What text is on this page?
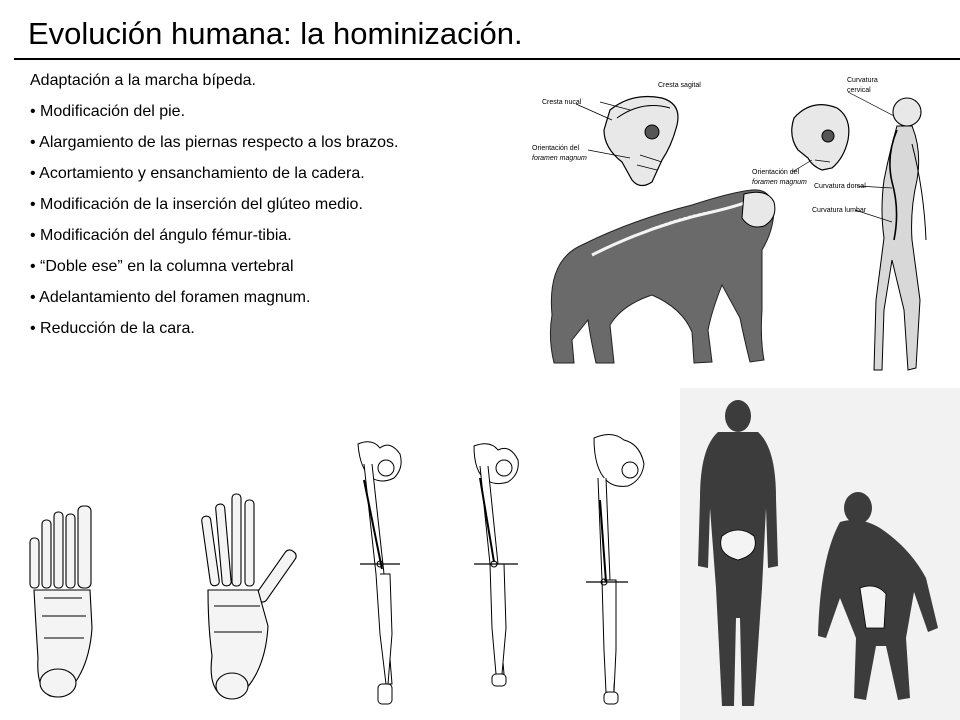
Evolución humana: la hominización.

Adaptación a la marcha bípeda.

• Modificación del pie.
• Alargamiento de las piernas respecto a los brazos.
• Acortamiento y ensanchamiento de la cadera.
• Modificación de la inserción del glúteo medio.
• Modificación del ángulo fémur-tibia.
• “Doble ese” en la columna vertebral
• Adelantamiento del foramen magnum.
• Reducción de la cara.
Cresta sagital
Cresta nucal
Orientación del
foramen magnum
Orientación del
foramen magnum
Curvatura
cervical
Curvatura dorsal
Curvatura lumbar
